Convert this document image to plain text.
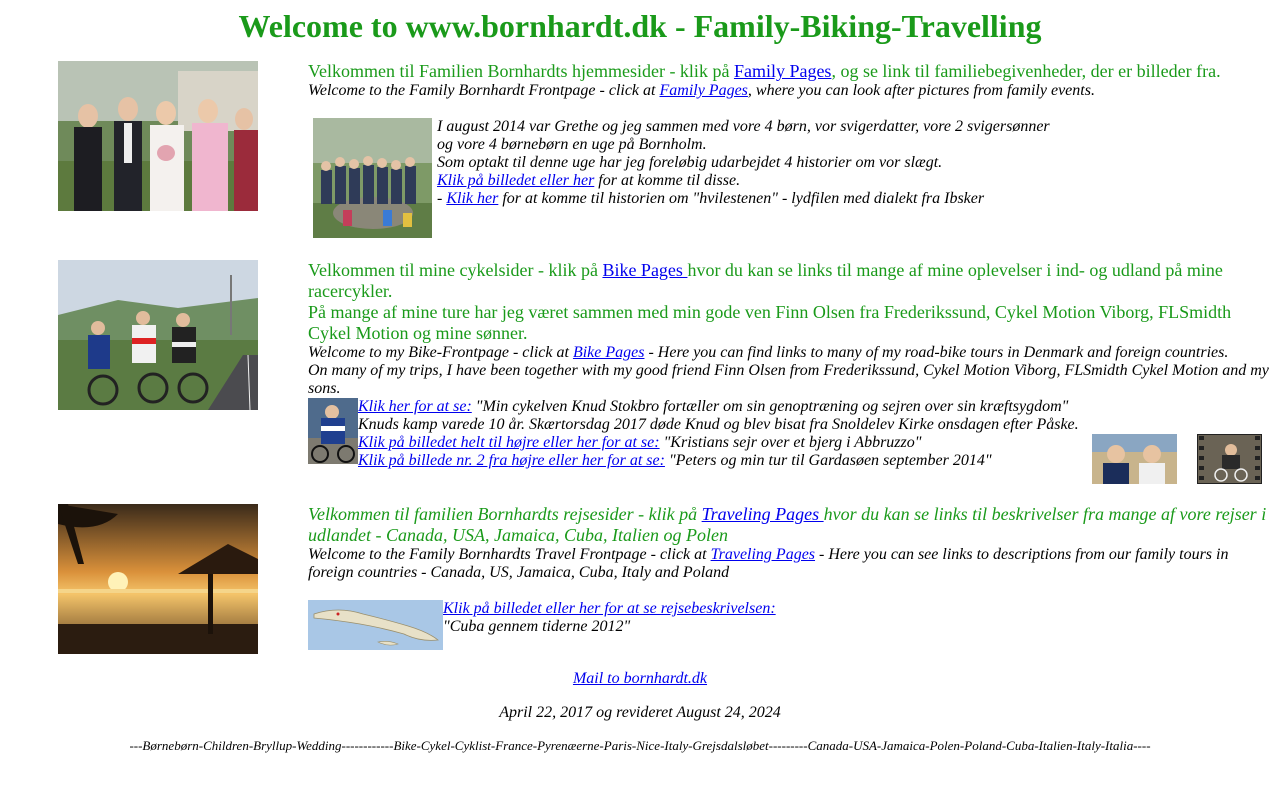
Welcome to www.bornhardt.dk - Family-Biking-Travelling
Velkommen til Familien Bornhardts hjemmesider - klik på Family Pages, og se link til familiebegivenheder, der er billeder fra.
Welcome to the Family Bornhardt Frontpage - click at Family Pages, where you can look after pictures from family events.
I august 2014 var Grethe og jeg sammen med vore 4 børn, vor svigerdatter, vore 2 svigersønner
og vore 4 børnebørn en uge på Bornholm.
Som optakt til denne uge har jeg foreløbig udarbejdet 4 historier om vor slægt.
Klik på billedet eller her for at komme til disse.
- Klik her for at komme til historien om "hvilestenen" - lydfilen med dialekt fra Ibsker
Velkommen til mine cykelsider - klik på Bike Pages hvor du kan se links til mange af mine oplevelser i ind- og udland på mine racercykler.
På mange af mine ture har jeg været sammen med min gode ven Finn Olsen fra Frederikssund, Cykel Motion Viborg, FLSmidth Cykel Motion og mine sønner.
Welcome to my Bike-Frontpage - click at Bike Pages - Here you can find links to many of my road-bike tours in Denmark and foreign countries.
On many of my trips, I have been together with my good friend Finn Olsen from Frederikssund, Cykel Motion Viborg, FLSmidth Cykel Motion and my sons.
Klik her for at se: "Min cykelven Knud Stokbro fortæller om sin genoptræning og sejren over sin kræftsygdom"
Knuds kamp varede 10 år. Skærtorsdag 2017 døde Knud og blev bisat fra Snoldelev Kirke onsdagen efter Påske.
Klik på billedet helt til højre eller her for at se: "Kristians sejr over et bjerg i Abbruzzo"
Klik på billede nr. 2 fra højre eller her for at se: "Peters og min tur til Gardasøen september 2014"
Velkommen til familien Bornhardts rejsesider - klik på Traveling Pages hvor du kan se links til beskrivelser fra mange af vore rejser i udlandet - Canada, USA, Jamaica, Cuba, Italien og Polen
Welcome to the Family Bornhardts Travel Frontpage - click at Traveling Pages - Here you can see links to descriptions from our family tours in foreign countries - Canada, US, Jamaica, Cuba, Italy and Poland
Klik på billedet eller her for at se rejsebeskrivelsen:
"Cuba gennem tiderne 2012"
Mail to bornhardt.dk
April 22, 2017 og revideret August 24, 2024
---Børnebørn-Children-Bryllup-Wedding------------Bike-Cykel-Cyklist-France-Pyrenæerne-Paris-Nice-Italy-Grejsdalsløbet---------Canada-USA-Jamaica-Polen-Poland-Cuba-Italien-Italy-Italia----
